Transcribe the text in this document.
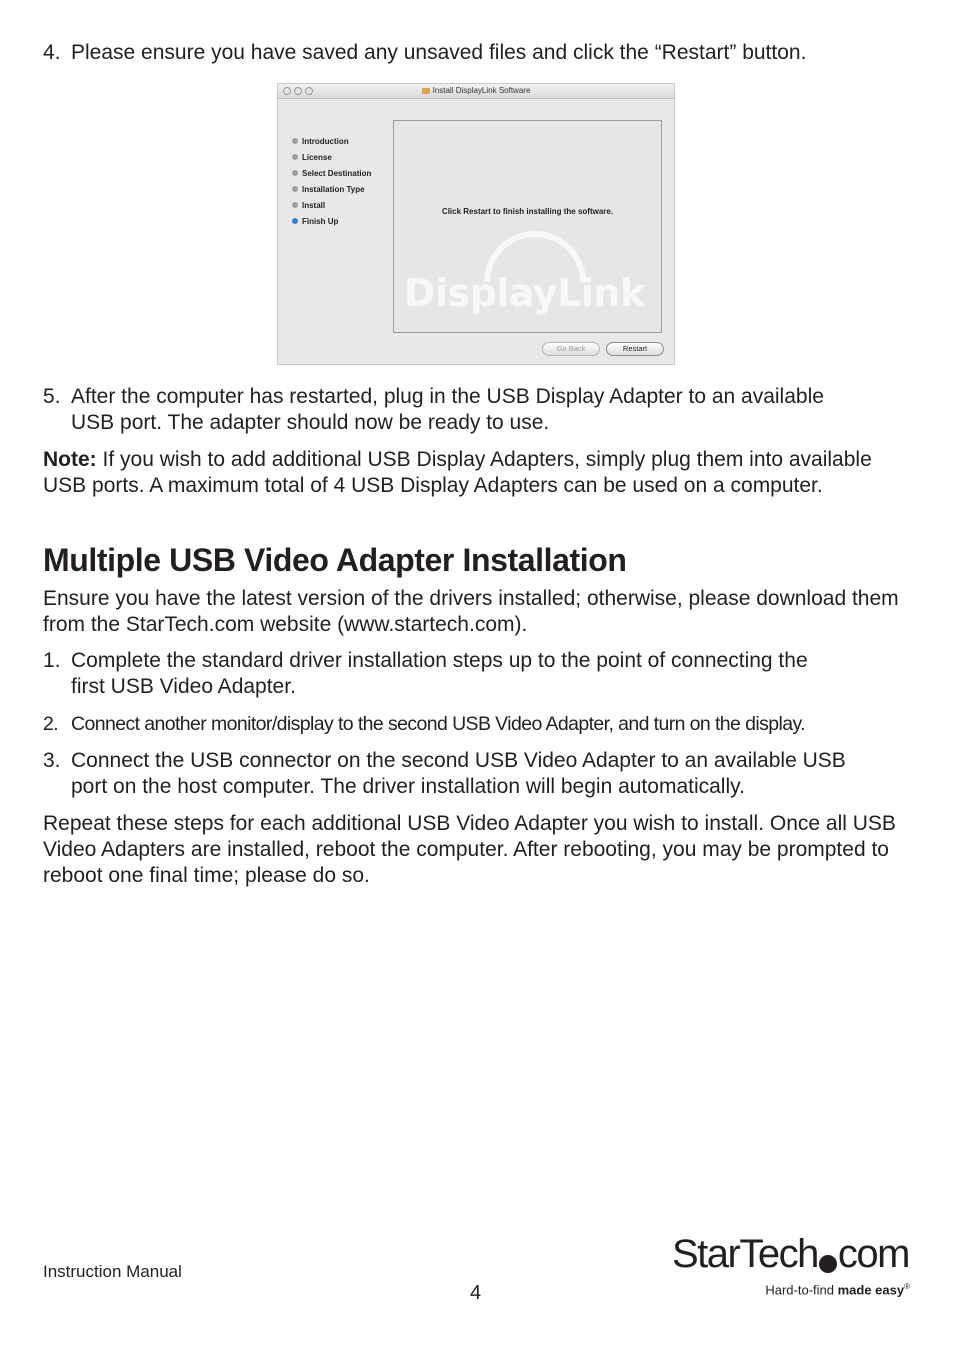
4. Please ensure you have saved any unsaved files and click the “Restart” button.
Install DisplayLink Software
Introduction
License
Select Destination
Installation Type
Install
Finish Up
Click Restart to finish installing the software.
DisplayLink
Go Back	Restart
5. After the computer has restarted, plug in the USB Display Adapter to an available
USB port. The adapter should now be ready to use.

Note: If you wish to add additional USB Display Adapters, simply plug them into available USB ports. A maximum total of 4 USB Display Adapters can be used on a computer.

Multiple USB Video Adapter Installation

Ensure you have the latest version of the drivers installed; otherwise, please download them from the StarTech.com website (www.startech.com).

1. Complete the standard driver installation steps up to the point of connecting the
first USB Video Adapter.
2. Connect another monitor/display to the second USB Video Adapter, and turn on the display.
3. Connect the USB connector on the second USB Video Adapter to an available USB
port on the host computer. The driver installation will begin automatically.

Repeat these steps for each additional USB Video Adapter you wish to install. Once all USB Video Adapters are installed, reboot the computer. After rebooting, you may be prompted to reboot one final time; please do so.

Instruction Manual
4
StarTech com
Hard-to-find made easy®
